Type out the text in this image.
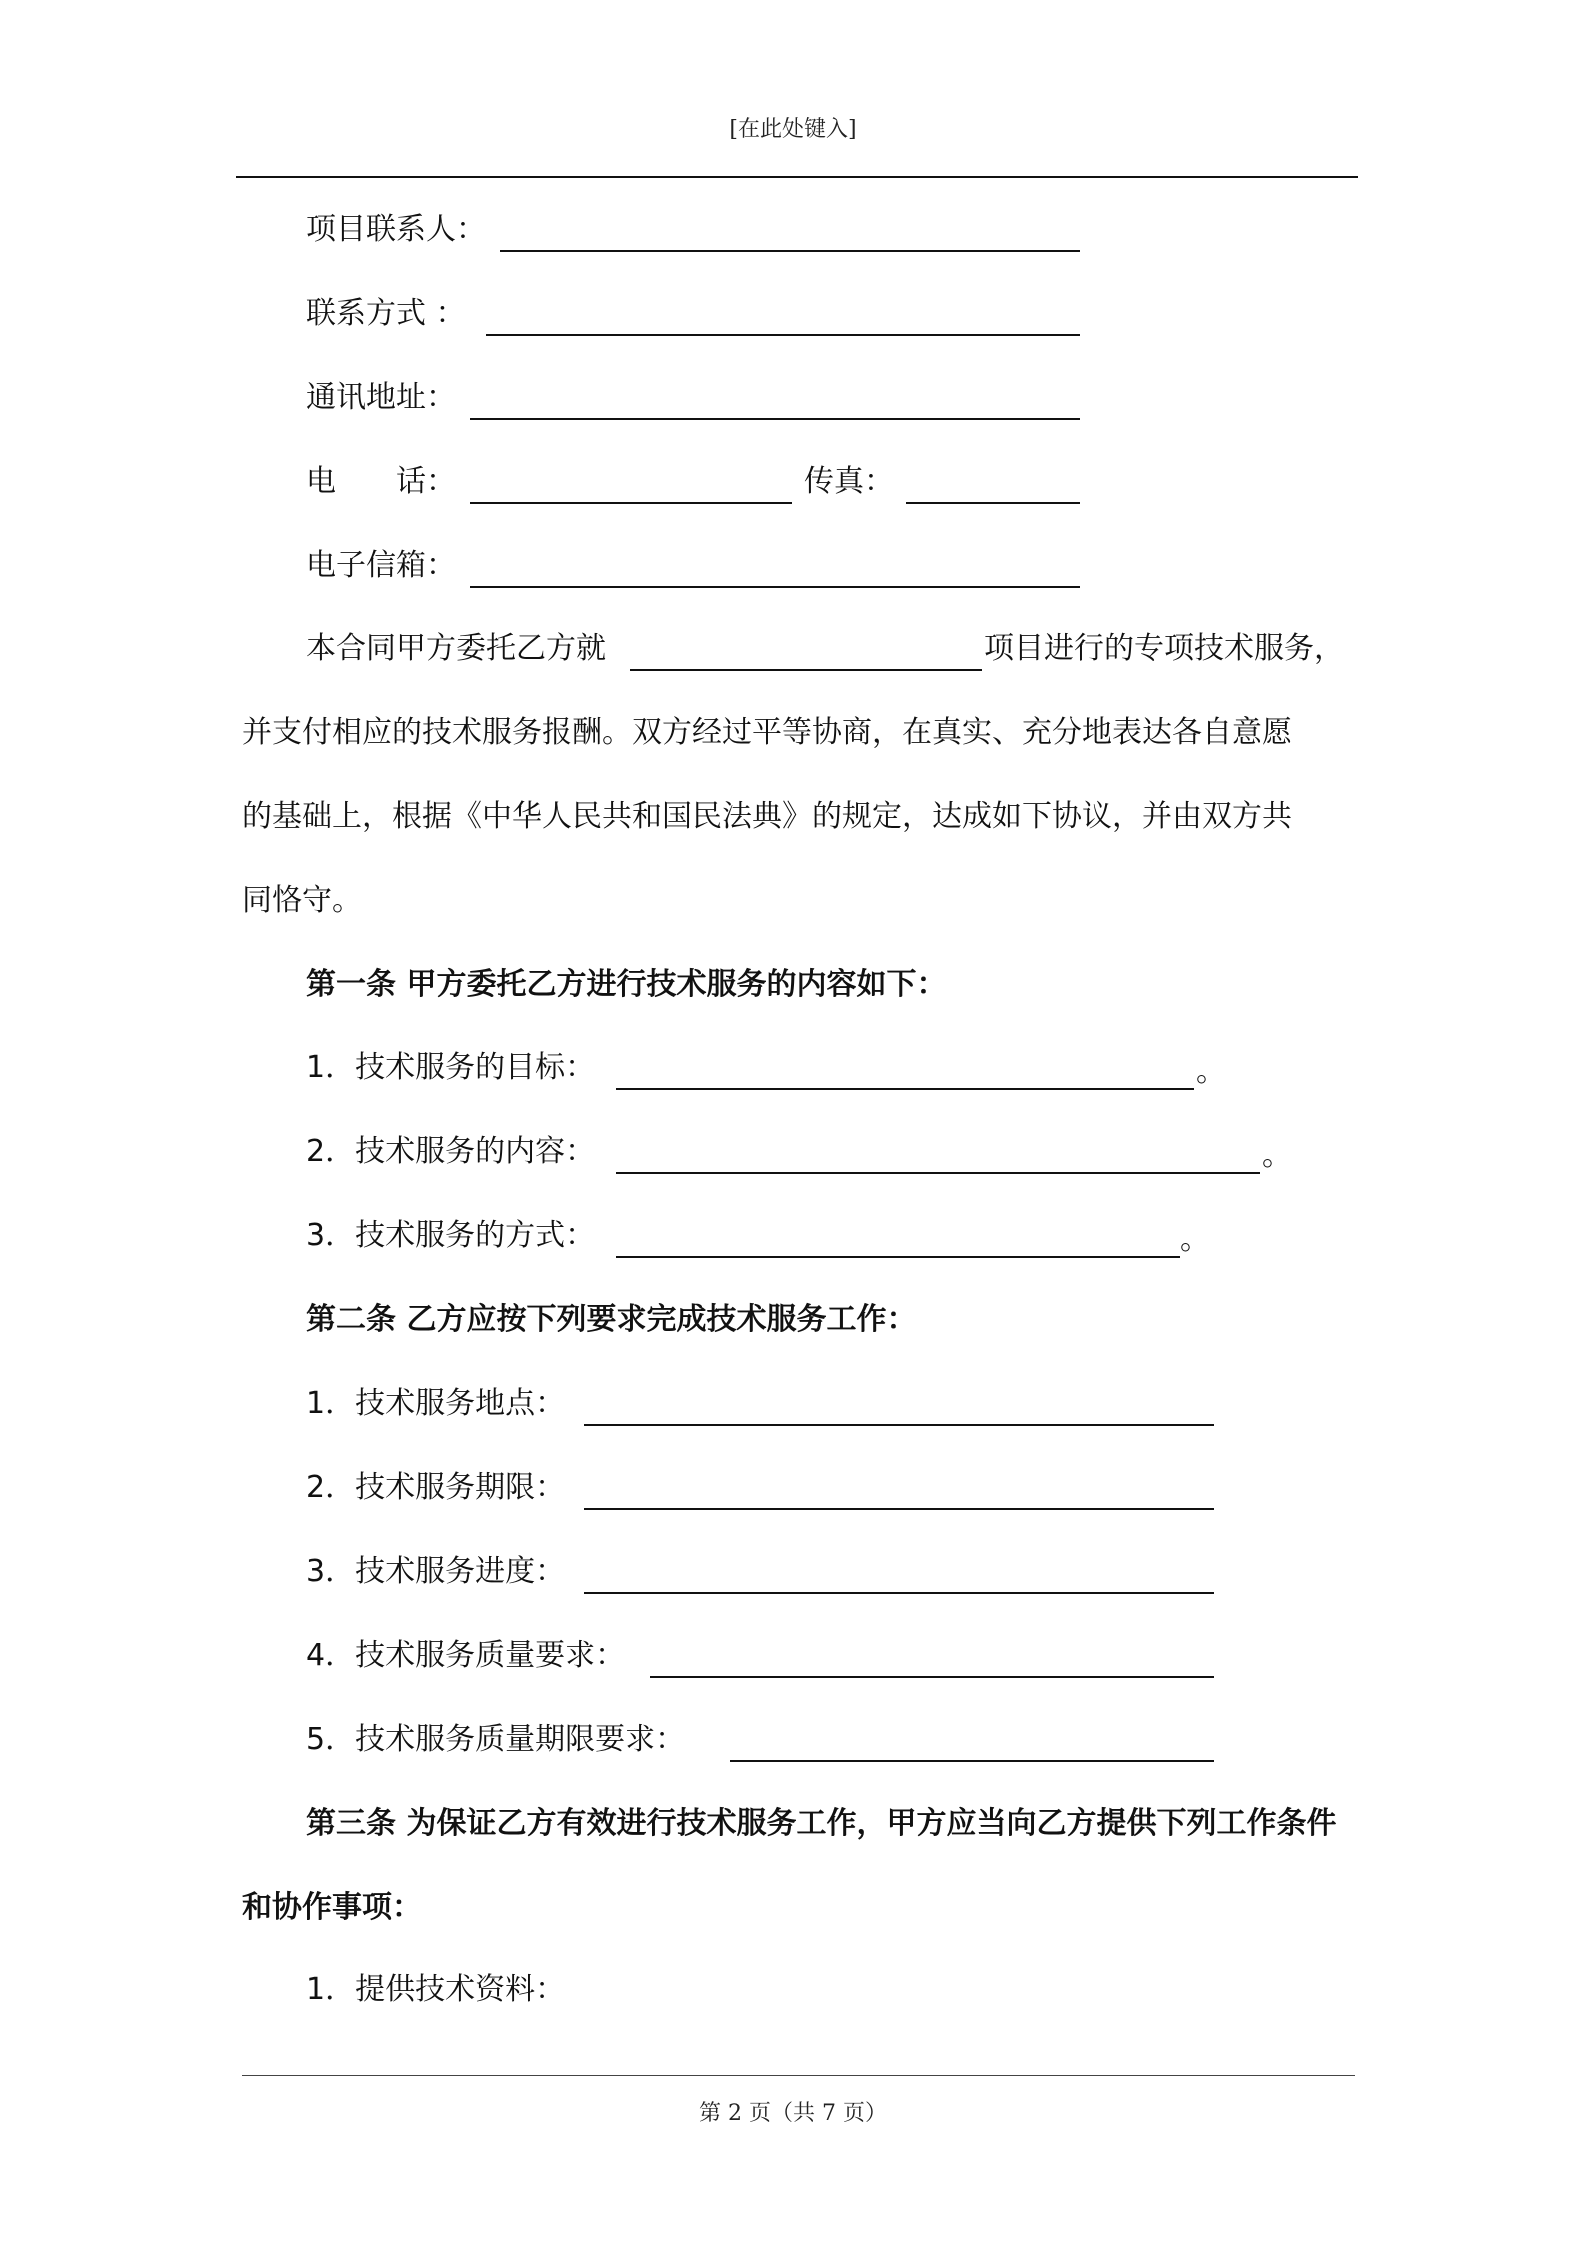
[在此处键入]
项目联系人：
联系方式 ：
通讯地址：
电　　话：	传真：
电子信箱：
本合同甲方委托乙方就	项目进行的专项技术服务，
并支付相应的技术服务报酬。双方经过平等协商，在真实、充分地表达各自意愿
的基础上，根据《中华人民共和国民法典》的规定，达成如下协议，并由双方共
同恪守。
第一条 甲方委托乙方进行技术服务的内容如下：
1．技术服务的目标：	。
2．技术服务的内容：	。
3．技术服务的方式：	。
第二条 乙方应按下列要求完成技术服务工作：
1．技术服务地点：
2．技术服务期限：
3．技术服务进度：
4．技术服务质量要求：
5．技术服务质量期限要求：
第三条 为保证乙方有效进行技术服务工作，甲方应当向乙方提供下列工作条件
和协作事项：
1．提供技术资料：
第 2 页（共 7 页）
